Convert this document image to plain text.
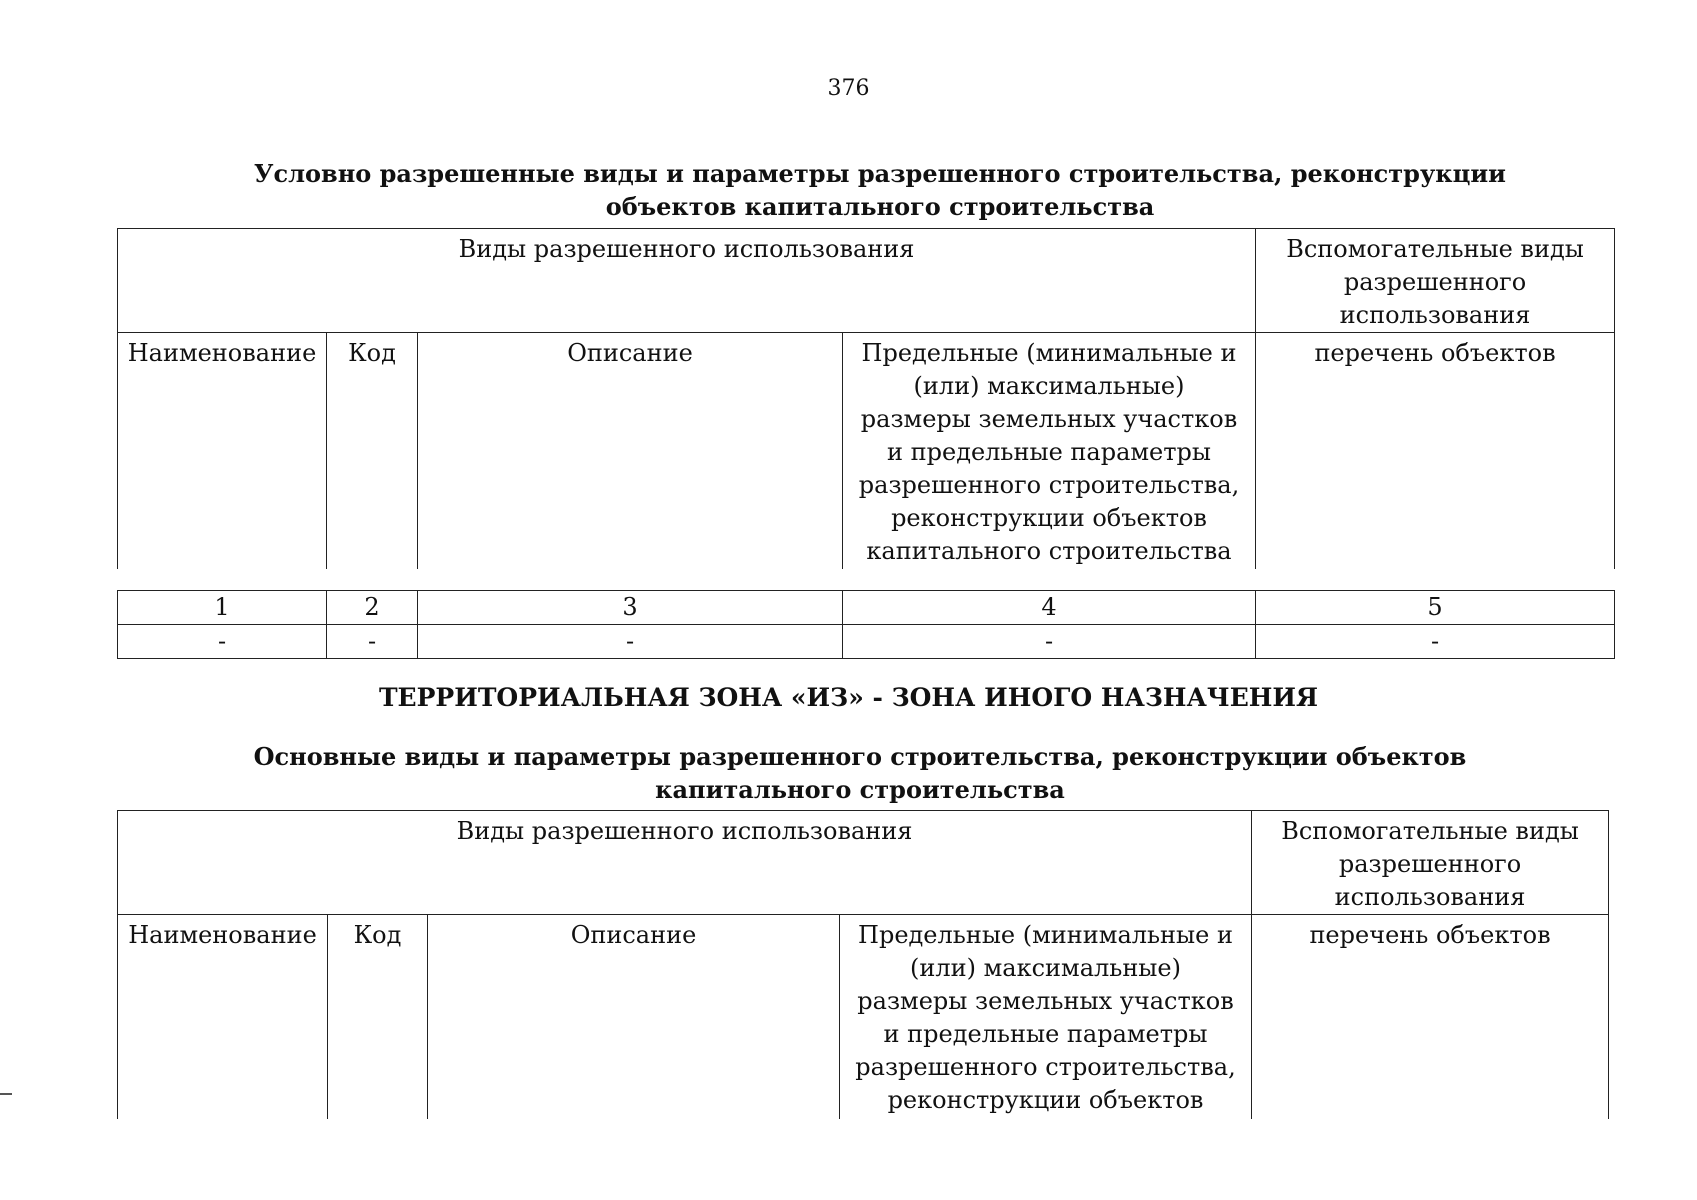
376
Условно разрешенные виды и параметры разрешенного строительства, реконструкции объектов капитального строительства
Виды разрешенного использования				Вспомогательные виды разрешенного использования
Наименование	Код	Описание	Предельные (минимальные и (или) максимальные) размеры земельных участков и предельные параметры разрешенного строительства, реконструкции объектов капитального строительства	перечень объектов
1	2	3	4	5
-	-	-	-	-
ТЕРРИТОРИАЛЬНАЯ ЗОНА «ИЗ» - ЗОНА ИНОГО НАЗНАЧЕНИЯ
Основные виды и параметры разрешенного строительства, реконструкции объектов капитального строительства
Виды разрешенного использования				Вспомогательные виды разрешенного использования
Наименование	Код	Описание	Предельные (минимальные и (или) максимальные) размеры земельных участков и предельные параметры разрешенного строительства, реконструкции объектов	перечень объектов
